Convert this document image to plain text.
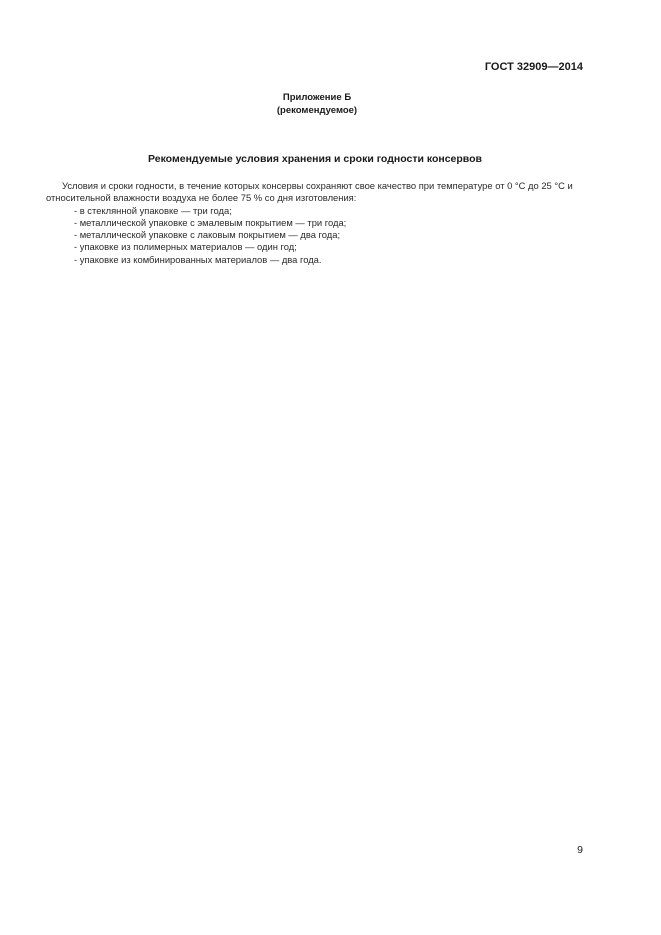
ГОСТ 32909—2014
Приложение Б
(рекомендуемое)
Рекомендуемые условия хранения и сроки годности консервов

Условия и сроки годности, в течение которых консервы сохраняют свое качество при температуре от 0 °С до 25 °С и относительной влажности воздуха не более 75 % со дня изготовления:

- в стеклянной упаковке — три года;
- металлической упаковке с эмалевым покрытием — три года;
- металлической упаковке с лаковым покрытием — два года;
- упаковке из полимерных материалов — один год;
- упаковке из комбинированных материалов — два года.
9
